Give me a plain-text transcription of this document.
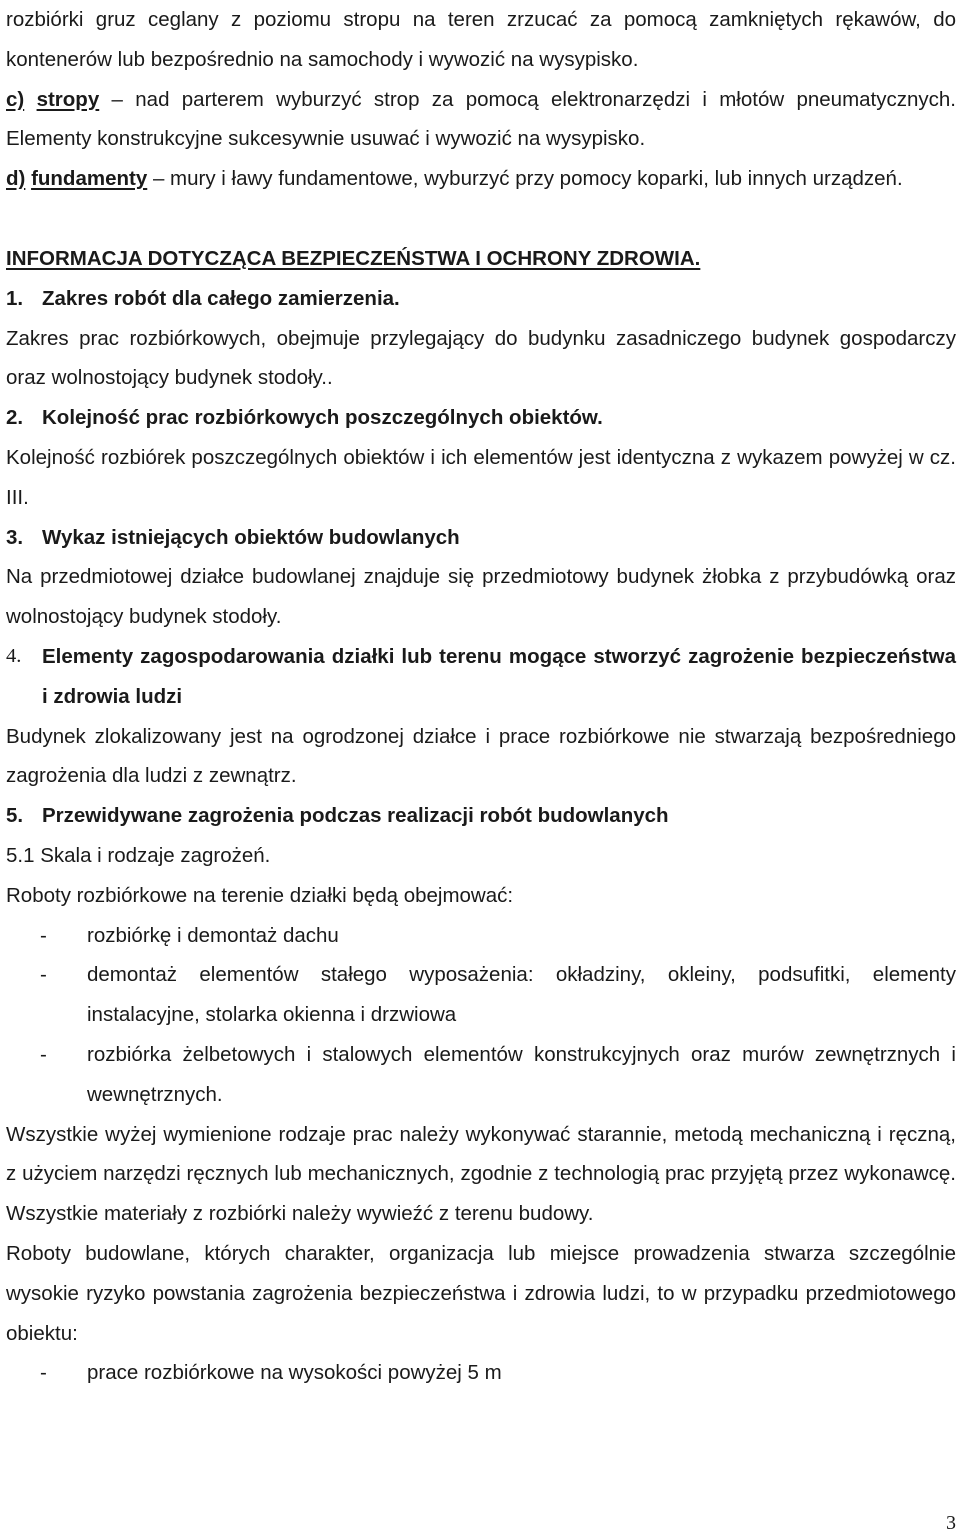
rozbiórki gruz ceglany z poziomu stropu na teren zrzucać za pomocą zamkniętych rękawów, do kontenerów lub bezpośrednio na samochody i wywozić na wysypisko.

c) stropy – nad parterem wyburzyć strop za pomocą elektronarzędzi i młotów pneumatycznych. Elementy konstrukcyjne sukcesywnie usuwać i wywozić na wysypisko.

d) fundamenty – mury i ławy fundamentowe, wyburzyć przy pomocy koparki, lub innych urządzeń.

INFORMACJA DOTYCZĄCA BEZPIECZEŃSTWA I OCHRONY ZDROWIA.

1. Zakres robót dla całego zamierzenia.

Zakres prac rozbiórkowych, obejmuje przylegający do budynku zasadniczego budynek gospodarczy oraz wolnostojący budynek stodoły..

2. Kolejność prac rozbiórkowych poszczególnych obiektów.

Kolejność rozbiórek poszczególnych obiektów i ich elementów jest identyczna z wykazem powyżej w cz. III.

3. Wykaz istniejących obiektów budowlanych

Na przedmiotowej działce budowlanej znajduje się przedmiotowy budynek żłobka z przybudówką oraz wolnostojący budynek stodoły.

4.	Elementy zagospodarowania działki lub terenu mogące stworzyć zagrożenie bezpieczeństwa i zdrowia ludzi

Budynek zlokalizowany jest na ogrodzonej działce i prace rozbiórkowe nie stwarzają bezpośredniego zagrożenia dla ludzi z zewnątrz.

5. Przewidywane zagrożenia podczas realizacji robót budowlanych

5.1 Skala i rodzaje zagrożeń.

Roboty rozbiórkowe na terenie działki będą obejmować:

-	rozbiórkę i demontaż dachu
-	demontaż elementów stałego wyposażenia: okładziny, okleiny, podsufitki, elementy instalacyjne, stolarka okienna i drzwiowa
-	rozbiórka żelbetowych i stalowych elementów konstrukcyjnych oraz murów zewnętrznych i wewnętrznych.

Wszystkie wyżej wymienione rodzaje prac należy wykonywać starannie, metodą mechaniczną i ręczną, z użyciem narzędzi ręcznych lub mechanicznych, zgodnie z technologią prac przyjętą przez wykonawcę. Wszystkie materiały z rozbiórki należy wywieźć z terenu budowy.

Roboty budowlane, których charakter, organizacja lub miejsce prowadzenia stwarza szczególnie wysokie ryzyko powstania zagrożenia bezpieczeństwa i zdrowia ludzi, to w przypadku przedmiotowego obiektu:

-	prace rozbiórkowe na wysokości powyżej 5 m
3
